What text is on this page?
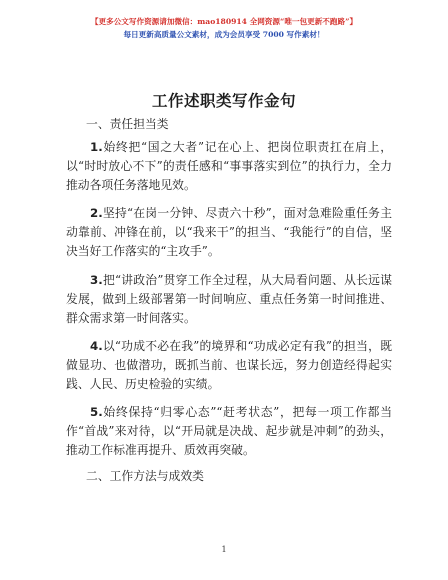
【更多公文写作资源请加微信：mao180914 全网资源“唯一包更新不跑路”】
每日更新高质量公文素材，成为会员享受 7000 写作素材！
工作述职类写作金句

一、责任担当类

1.始终把“国之大者”记在心上、把岗位职责扛在肩上，以“时时放心不下”的责任感和“事事落实到位”的执行力，全力推动各项任务落地见效。

2.坚持“在岗一分钟、尽责六十秒”，面对急难险重任务主动靠前、冲锋在前，以“我来干”的担当、“我能行”的自信，坚决当好工作落实的“主攻手”。

3.把“讲政治”贯穿工作全过程，从大局看问题、从长远谋发展，做到上级部署第一时间响应、重点任务第一时间推进、群众需求第一时间落实。

4.以“功成不必在我”的境界和“功成必定有我”的担当，既做显功、也做潜功，既抓当前、也谋长远，努力创造经得起实践、人民、历史检验的实绩。

5.始终保持“归零心态”“赶考状态”，把每一项工作都当作“首战”来对待，以“开局就是决战、起步就是冲刺”的劲头，推动工作标准再提升、质效再突破。

二、工作方法与成效类

1
